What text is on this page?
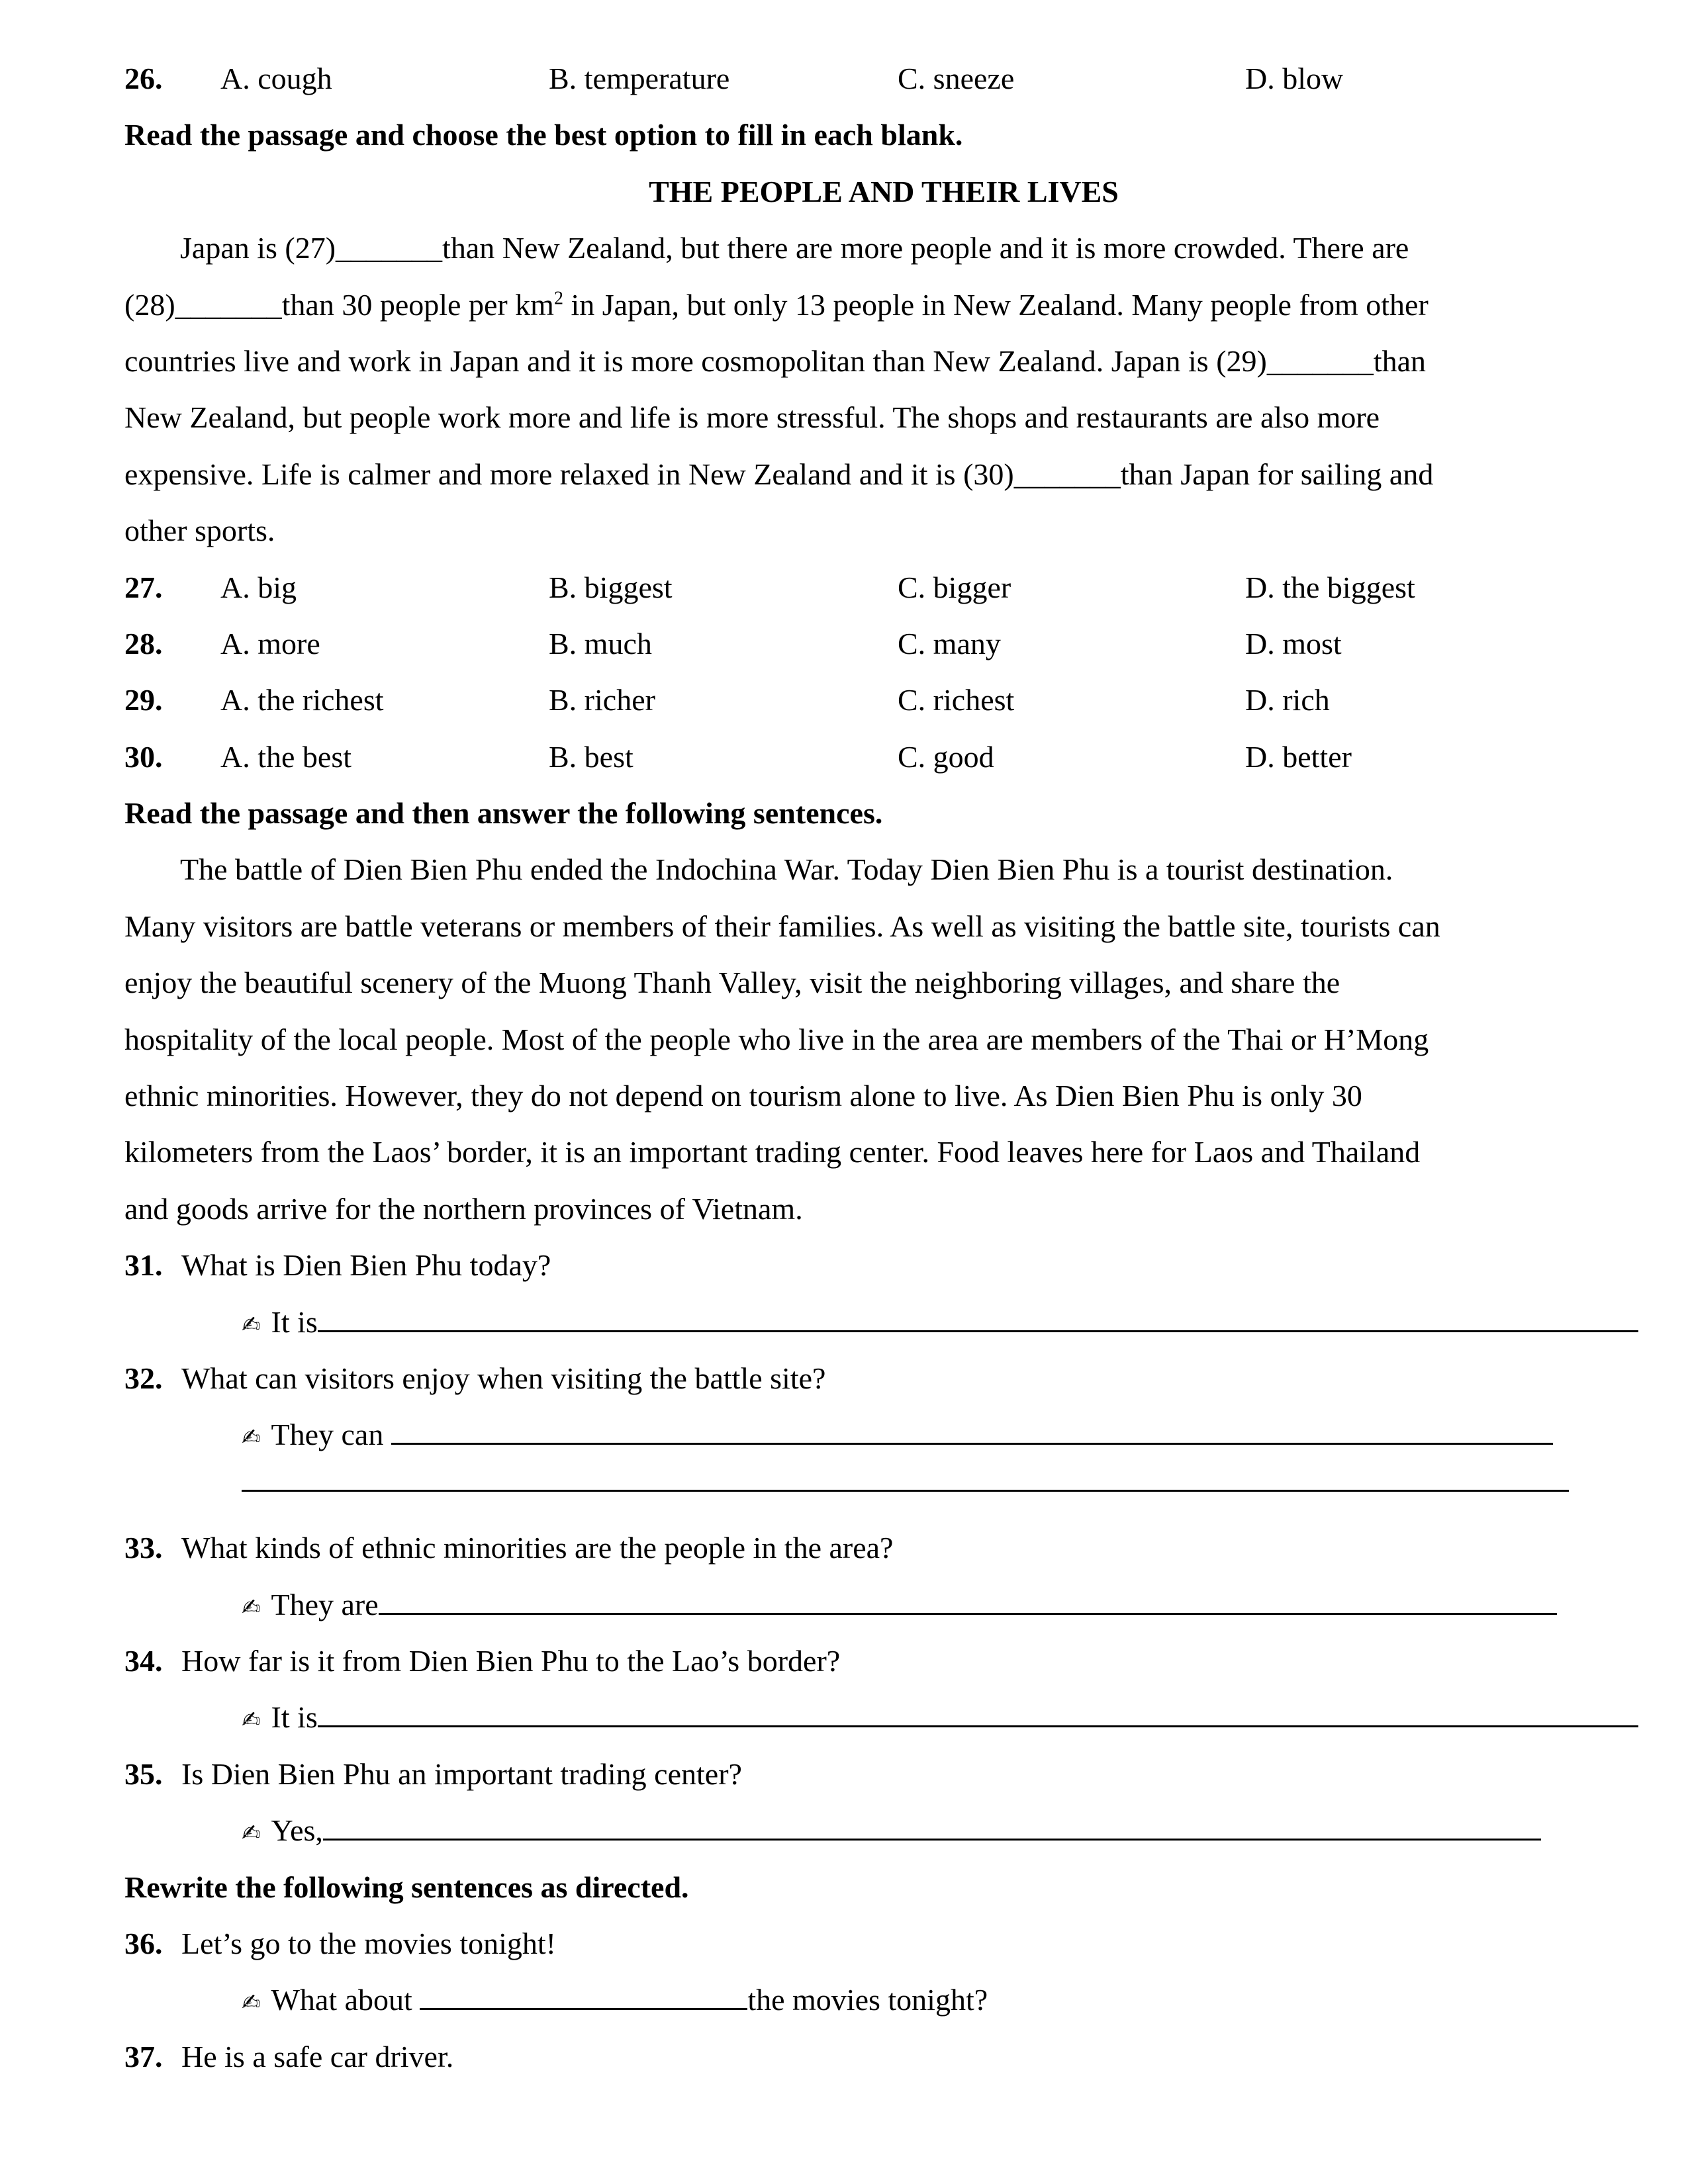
26. A. cough	B. temperature	C. sneeze	D. blow
Read the passage and choose the best option to fill in each blank.
THE PEOPLE AND THEIR LIVES
Japan is (27)_______than New Zealand, but there are more people and it is more crowded. There are
(28)_______than 30 people per $km^2$ in Japan, but only 13 people in New Zealand. Many people from other
countries live and work in Japan and it is more cosmopolitan than New Zealand. Japan is (29)_______than
New Zealand, but people work more and life is more stressful. The shops and restaurants are also more
expensive. Life is calmer and more relaxed in New Zealand and it is (30)_______than Japan for sailing and
other sports.
27. A. big	B. biggest	C. bigger	D. the biggest
28. A. more	B. much	C. many	D. most
29. A. the richest	B. richer	C. richest	D. rich
30. A. the best	B. best	C. good	D. better
Read the passage and then answer the following sentences.
The battle of Dien Bien Phu ended the Indochina War. Today Dien Bien Phu is a tourist destination.
Many visitors are battle veterans or members of their families. As well as visiting the battle site, tourists can
enjoy the beautiful scenery of the Muong Thanh Valley, visit the neighboring villages, and share the
hospitality of the local people. Most of the people who live in the area are members of the Thai or H’Mong
ethnic minorities. However, they do not depend on tourism alone to live. As Dien Bien Phu is only 30
kilometers from the Laos’ border, it is an important trading center. Food leaves here for Laos and Thailand
and goods arrive for the northern provinces of Vietnam.
31. What is Dien Bien Phu today?
✍ It is
32. What can visitors enjoy when visiting the battle site?
✍ They can
33. What kinds of ethnic minorities are the people in the area?
✍ They are
34. How far is it from Dien Bien Phu to the Lao’s border?
✍ It is
35. Is Dien Bien Phu an important trading center?
✍ Yes,
Rewrite the following sentences as directed.
36. Let’s go to the movies tonight!
✍ What about	the movies tonight?
37. He is a safe car driver.
